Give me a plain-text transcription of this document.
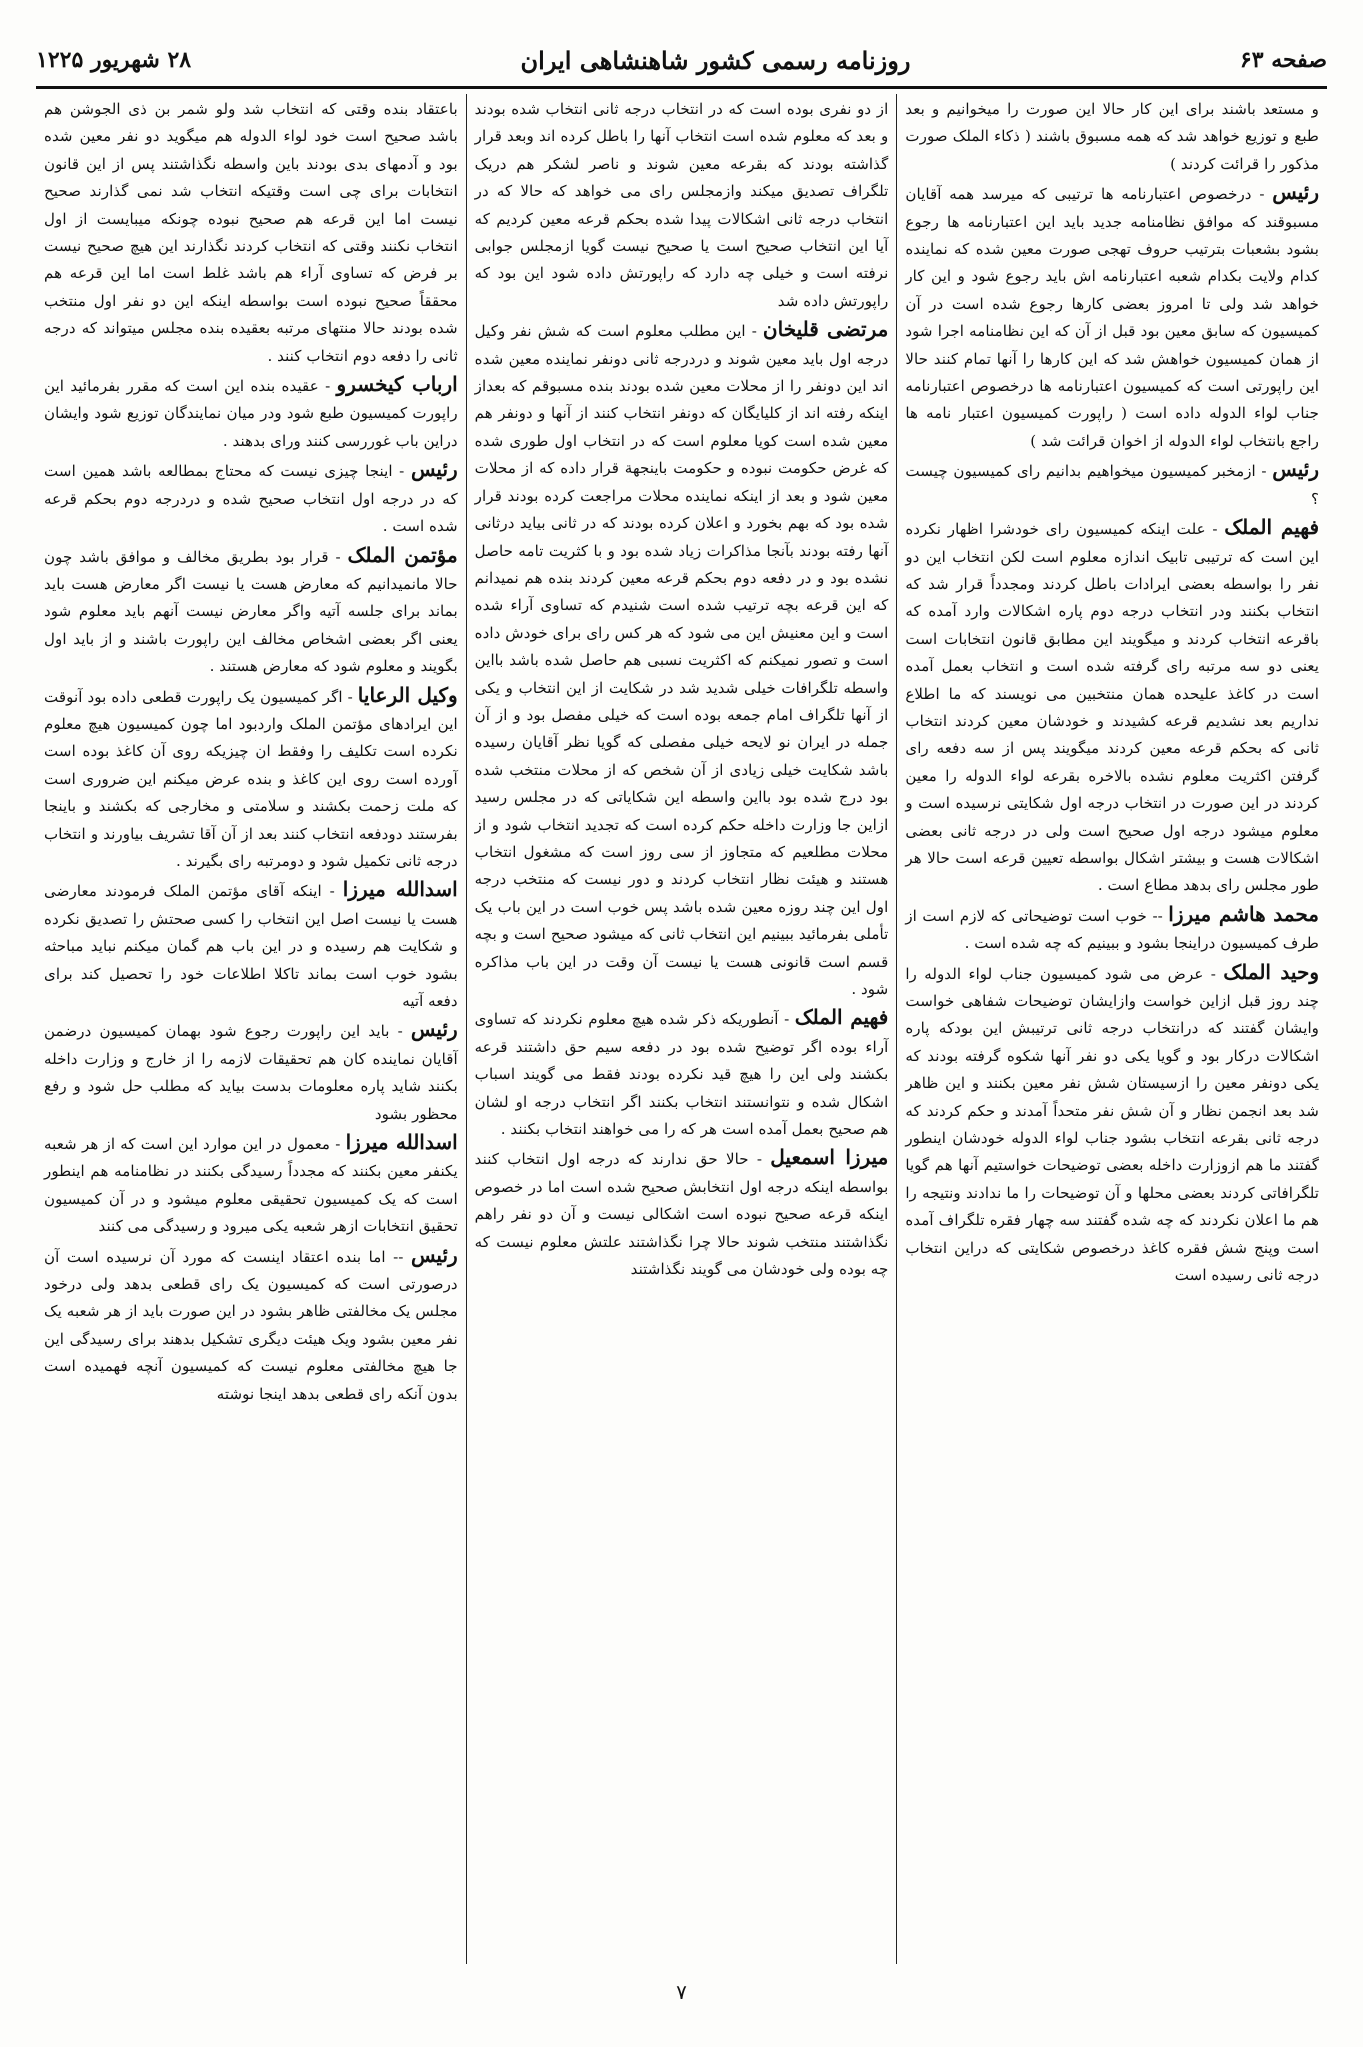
صفحه ۶۳
روزنامه رسمی کشور شاهنشاهی ایران
۲۸ شهریور ۱۲۲۵

و مستعد باشند برای این کار حالا این صورت را میخوانیم و بعد طبع و توزیع خواهد شد که همه مسبوق باشند ( ذکاء الملک صورت مذکور را قرائت کردند )

رئیس - درخصوص اعتبارنامه ها ترتیبی که میرسد همه آقایان مسبوقند که موافق نظامنامه جدید باید این اعتبارنامه ها رجوع بشود بشعبات بترتیب حروف تهجی صورت معین شده که نماینده کدام ولایت بکدام شعبه اعتبارنامه اش باید رجوع شود و این کار خواهد شد ولی تا امروز بعضی کارها رجوع شده است در آن کمیسیون که سابق معین بود قبل از آن که این نظامنامه اجرا شود از همان کمیسیون خواهش شد که این کارها را آنها تمام کنند حالا این راپورتی است که کمیسیون اعتبارنامه ها درخصوص اعتبارنامه جناب لواء الدوله داده است ( راپورت کمیسیون اعتبار نامه ها راجع بانتخاب لواء الدوله از اخوان قرائت شد )

رئیس - ازمخبر کمیسیون میخواهیم بدانیم رای کمیسیون چیست ؟

فهیم الملک - علت اینکه کمیسیون رای خودشرا اظهار نکرده این است که ترتیبی تابیک اندازه معلوم است لکن انتخاب این دو نفر را بواسطه بعضی ایرادات باطل کردند ومجدداً قرار شد که انتخاب بکنند ودر انتخاب درجه دوم پاره اشکالات وارد آمده که باقرعه انتخاب کردند و میگویند این مطابق قانون انتخابات است یعنی دو سه مرتبه رای گرفته شده است و انتخاب بعمل آمده است در کاغذ علیحده همان منتخبین می نویسند که ما اطلاع نداریم بعد نشدیم قرعه کشیدند و خودشان معین کردند انتخاب ثانی که بحکم قرعه معین کردند میگویند پس از سه دفعه رای گرفتن اکثریت معلوم نشده بالاخره بقرعه لواء الدوله را معین کردند در این صورت در انتخاب درجه اول شکایتی نرسیده است و معلوم میشود درجه اول صحیح است ولی در درجه ثانی بعضی اشکالات هست و بیشتر اشکال بواسطه تعیین قرعه است حالا هر طور مجلس رای بدهد مطاع است .

محمد هاشم میرزا -- خوب است توضیحاتی که لازم است از طرف کمیسیون دراینجا بشود و ببینیم که چه شده است .

وحید الملک - عرض می شود کمیسیون جناب لواء الدوله را چند روز قبل ازاین خواست وازایشان توضیحات شفاهی خواست وایشان گفتند که درانتخاب درجه ثانی ترتیبش این بودکه پاره اشکالات درکار بود و گویا یکی دو نفر آنها شکوه گرفته بودند که یکی دونفر معین را ازسیستان شش نفر معین بکنند و این ظاهر شد بعد انجمن نظار و آن شش نفر متحداً آمدند و حکم کردند که درجه ثانی بقرعه انتخاب بشود جناب لواء الدوله خودشان اینطور گفتند ما هم ازوزارت داخله بعضی توضیحات خواستیم آنها هم گویا تلگرافاتی کردند بعضی محلها و آن توضیحات را ما ندادند ونتیجه را هم ما اعلان نکردند که چه شده گفتند سه چهار فقره تلگراف آمده است وپنج شش فقره کاغذ درخصوص شکایتی که دراین انتخاب درجه ثانی رسیده است

از دو نفری بوده است که در انتخاب درجه ثانی انتخاب شده بودند و بعد که معلوم شده است انتخاب آنها را باطل کرده اند وبعد قرار گذاشته بودند که بقرعه معین شوند و ناصر لشکر هم دریک تلگراف تصدیق میکند وازمجلس رای می خواهد که حالا که در انتخاب درجه ثانی اشکالات پیدا شده بحکم قرعه معین کردیم که آیا این انتخاب صحیح است یا صحیح نیست گویا ازمجلس جوابی نرفته است و خیلی چه دارد که راپورتش داده شود این بود که راپورتش داده شد

مرتضی قلیخان - این مطلب معلوم است که شش نفر وکیل درجه اول باید معین شوند و دردرجه ثانی دونفر نماینده معین شده اند این دونفر را از محلات معین شده بودند بنده مسبوقم که بعداز اینکه رفته اند از کلیایگان که دونفر انتخاب کنند از آنها و دونفر هم معین شده است کویا معلوم است که در انتخاب اول طوری شده که غرض حکومت نبوده و حکومت باینجهة قرار داده که از محلات معین شود و بعد از اینکه نماینده محلات مراجعت کرده بودند قرار شده بود که بهم بخورد و اعلان کرده بودند که در ثانی بیاید درثانی آنها رفته بودند بآنجا مذاکرات زیاد شده بود و با کثریت تامه حاصل نشده بود و در دفعه دوم بحکم قرعه معین کردند بنده هم نمیدانم که این قرعه بچه ترتیب شده است شنیدم که تساوی آراء شده است و این معنیش این می شود که هر کس رای برای خودش داده است و تصور نمیکنم که اکثریت نسبی هم حاصل شده باشد بااین واسطه تلگرافات خیلی شدید شد در شکایت از این انتخاب و یکی از آنها تلگراف امام جمعه بوده است که خیلی مفصل بود و از آن جمله در ایران نو لایحه خیلی مفصلی که گویا نظر آقایان رسیده باشد شکایت خیلی زیادی از آن شخص که از محلات منتخب شده بود درج شده بود بااین واسطه این شکایاتی که در مجلس رسید ازاین جا وزارت داخله حکم کرده است که تجدید انتخاب شود و از محلات مطلعیم که متجاوز از سی روز است که مشغول انتخاب هستند و هیئت نظار انتخاب کردند و دور نیست که منتخب درجه اول این چند روزه معین شده باشد پس خوب است در این باب یک تأملی بفرمائید ببینیم این انتخاب ثانی که میشود صحیح است و بچه قسم است قانونی هست یا نیست آن وقت در این باب مذاکره شود .

فهیم الملک - آنطوریکه ذکر شده هیچ معلوم نکردند که تساوی آراء بوده اگر توضیح شده بود در دفعه سیم حق داشتند قرعه بکشند ولی این را هیچ قید نکرده بودند فقط می گویند اسباب اشکال شده و نتوانستند انتخاب بکنند اگر انتخاب درجه او لشان هم صحیح بعمل آمده است هر که را می خواهند انتخاب بکنند .

میرزا اسمعیل - حالا حق ندارند که درجه اول انتخاب کنند بواسطه اینکه درجه اول انتخابش صحیح شده است اما در خصوص اینکه قرعه صحیح نبوده است اشکالی نیست و آن دو نفر راهم نگذاشتند منتخب شوند حالا چرا نگذاشتند علتش معلوم نیست که چه بوده ولی خودشان می گویند نگذاشتند

باعتقاد بنده وقتی که انتخاب شد ولو شمر بن ذی الجوشن هم باشد صحیح است خود لواء الدوله هم میگوید دو نفر معین شده بود و آدمهای بدی بودند باین واسطه نگذاشتند پس از این قانون انتخابات برای چی است وقتیکه انتخاب شد نمی گذارند صحیح نیست اما این قرعه هم صحیح نبوده چونکه میبایست از اول انتخاب نکنند وقتی که انتخاب کردند نگذارند این هیچ صحیح نیست بر فرض که تساوی آراء هم باشد غلط است اما این قرعه هم محققاً صحیح نبوده است بواسطه اینکه این دو نفر اول منتخب شده بودند حالا منتهای مرتبه بعقیده بنده مجلس میتواند که درجه ثانی را دفعه دوم انتخاب کنند .

ارباب کیخسرو - عقیده بنده این است که مقرر بفرمائید این راپورت کمیسیون طبع شود ودر میان نمایندگان توزیع شود وایشان دراین باب غوررسی کنند ورای بدهند .

رئیس - اینجا چیزی نیست که محتاج بمطالعه باشد همین است که در درجه اول انتخاب صحیح شده و دردرجه دوم بحکم قرعه شده است .

مؤتمن الملک - قرار بود بطریق مخالف و موافق باشد چون حالا مانمیدانیم که معارض هست یا نیست اگر معارض هست باید بماند برای جلسه آتیه واگر معارض نیست آنهم باید معلوم شود یعنی اگر بعضی اشخاص مخالف این راپورت باشند و از باید اول بگویند و معلوم شود که معارض هستند .

وکیل الرعایا - اگر کمیسیون یک راپورت قطعی داده بود آنوقت این ایرادهای مؤتمن الملک واردبود اما چون کمیسیون هیچ معلوم نکرده است تکلیف را وفقط ان چیزیکه روی آن کاغذ بوده است آورده است روی این کاغذ و بنده عرض میکنم این ضروری است که ملت زحمت بکشند و سلامتی و مخارجی که بکشند و باینجا بفرستند دودفعه انتخاب کنند بعد از آن آقا تشریف بیاورند و انتخاب درجه ثانی تکمیل شود و دومرتبه رای بگیرند .

اسدالله میرزا - اینکه آقای مؤتمن الملک فرمودند معارضی هست یا نیست اصل این انتخاب را کسی صحتش را تصدیق نکرده و شکایت هم رسیده و در این باب هم گمان میکنم نباید مباحثه بشود خوب است بماند تاکلا اطلاعات خود را تحصیل کند برای دفعه آتیه

رئیس - باید این راپورت رجوع شود بهمان کمیسیون درضمن آقایان نماینده کان هم تحقیقات لازمه را از خارج و وزارت داخله بکنند شاید پاره معلومات بدست بیاید که مطلب حل شود و رفع محظور بشود

اسدالله میرزا - معمول در این موارد این است که از هر شعبه یکنفر معین بکنند که مجدداً رسیدگی بکنند در نظامنامه هم اینطور است که یک کمیسیون تحقیقی معلوم میشود و در آن کمیسیون تحقیق انتخابات ازهر شعبه یکی میرود و رسیدگی می کنند

رئیس -- اما بنده اعتقاد اینست که مورد آن نرسیده است آن درصورتی است که کمیسیون یک رای قطعی بدهد ولی درخود مجلس یک مخالفتی ظاهر بشود در این صورت باید از هر شعبه یک نفر معین بشود ویک هیئت دیگری تشکیل بدهند برای رسیدگی این جا هیچ مخالفتی معلوم نیست که کمیسیون آنچه فهمیده است بدون آنکه رای قطعی بدهد اینجا نوشته

۷
